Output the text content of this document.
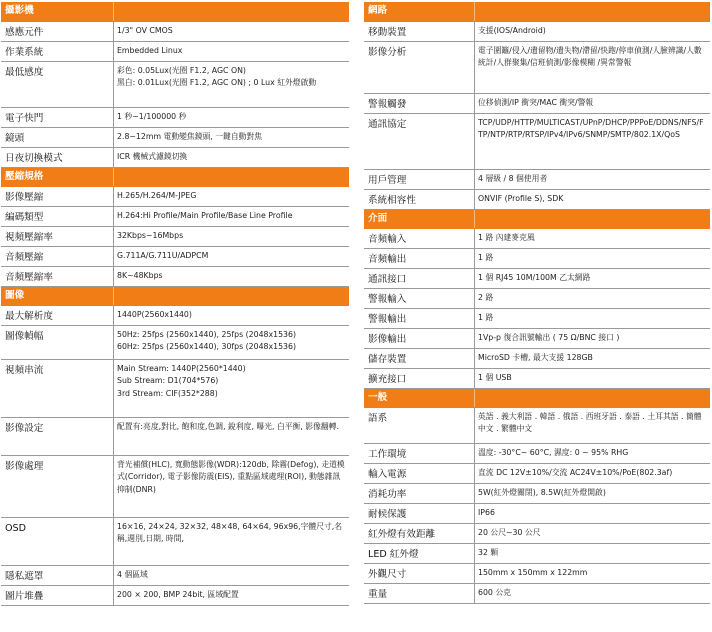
攝影機	
感應元件	1/3" OV CMOS

作業系統	Embedded Linux

最低感度	彩色: 0.05Lux(光圈 F1.2, AGC ON)
黑白: 0.01Lux(光圈 F1.2, AGC ON) ; 0 Lux 紅外燈啟動

電子快門	1 秒~1/100000 秒

鏡頭	2.8~12mm 電動變焦鏡頭, 一鍵自動對焦

日夜切換模式	ICR 機械式濾鏡切換

壓縮規格	
影像壓縮	H.265/H.264/M-JPEG

編碼類型	H.264:Hi Profile/Main Profile/Base Line Profile

視頻壓縮率	32Kbps~16Mbps

音頻壓縮	G.711A/G.711U/ADPCM

音頻壓縮率	8K~48Kbps

圖像	
最大解析度	1440P(2560x1440)

圖像幀幅	50Hz: 25fps (2560x1440), 25fps (2048x1536)
60Hz: 25fps (2560x1440), 30fps (2048x1536)

視頻串流	Main Stream: 1440P(2560*1440)
Sub Stream: D1(704*576)
3rd Stream: CIF(352*288)

影像設定	配置有:亮度,對比, 飽和度,色調, 銳利度, 曝光, 白平衡, 影像翻轉.

影像處理	背光補償(HLC), 寬動態影像(WDR):120db, 除霧(Defog), 走道模式(Corridor), 電子影像防震(EIS), 重點區域處理(ROI), 動態雜訊抑制(DNR)

OSD	16×16, 24×24, 32×32, 48×48, 64×64, 96x96,字體尺寸,名稱,週別,日期, 時間,

隱私遮罩	4 個區域

圖片堆疊	200 × 200, BMP 24bit, 區域配置
網路	
移動裝置	支援(IOS/Android)

影像分析	電子圍籬/侵入/遺留物/遺失物/滯留/快跑/停車偵測/人臉辨識/人數統計/人群聚集/信班偵測/影像模糊 /異常警報

警報觸發	位移偵測/IP 衝突/MAC 衝突/警報

通訊協定	TCP/UDP/HTTP/MULTICAST/UPnP/DHCP/PPPoE/DDNS/NFS/FTP/NTP/RTP/RTSP/IPv4/IPv6/SNMP/SMTP/802.1X/QoS

用戶管理	4 層級 / 8 個使用者

系統相容性	ONVIF (Profile S), SDK

介面	
音頻輸入	1 路 內建麥克風

音頻輸出	1 路

通訊接口	1 個 RJ45 10M/100M 乙太網路

警報輸入	2 路

警報輸出	1 路

影像輸出	1Vp-p 復合訊號輸出 ( 75 Ω/BNC 接口 )

儲存裝置	MicroSD 卡槽, 最大支援 128GB

擴充接口	1 個 USB

一般	
語系	英語 . 義大利語 . 韓語 . 俄語 . 西班牙語 . 泰語 . 土耳其語 . 簡體中文 . 繁體中文

工作環境	溫度: -30°C~ 60°C, 濕度: 0 ~ 95% RHG

輸入電源	直流 DC 12V±10%/交流 AC24V±10%/PoE(802.3af)

消耗功率	5W(紅外燈關閉), 8.5W(紅外燈開啟)

耐候保護	IP66

紅外燈有效距離	20 公尺~30 公尺

LED 紅外燈	32 顆

外觀尺寸	150mm x 150mm x 122mm

重量	600 公克
